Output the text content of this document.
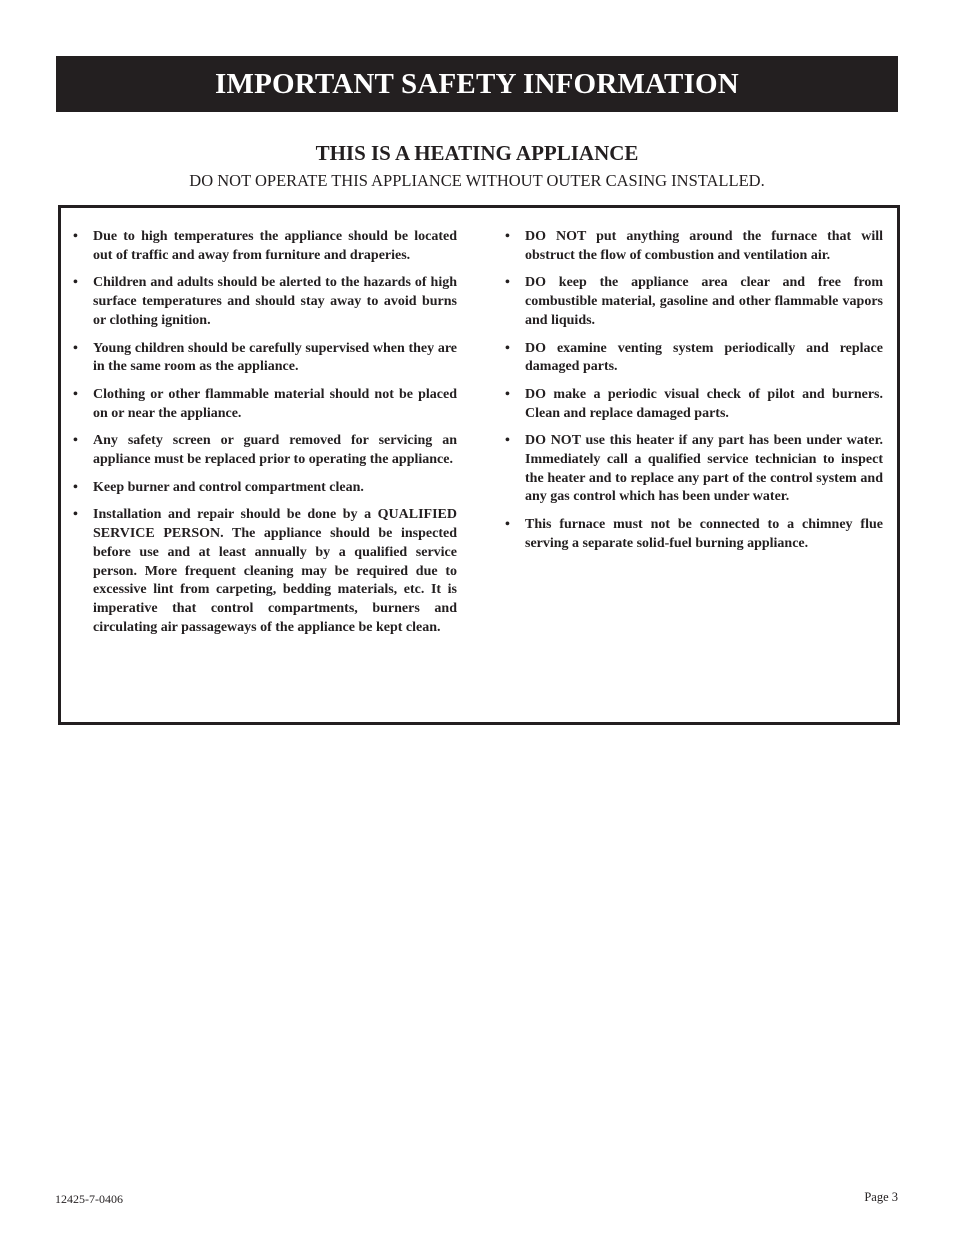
IMPORTANT SAFETY INFORMATION
THIS IS A HEATING APPLIANCE
DO NOT OPERATE THIS APPLIANCE WITHOUT OUTER CASING INSTALLED.
• Due to high temperatures the appliance should be located out of traffic and away from furniture and draperies.
• Children and adults should be alerted to the hazards of high surface temperatures and should stay away to avoid burns or clothing ignition.
• Young children should be carefully supervised when they are in the same room as the appliance.
• Clothing or other flammable material should not be placed on or near the appliance.
• Any safety screen or guard removed for servicing an appliance must be replaced prior to operating the appliance.
• Keep burner and control compartment clean.
• Installation and repair should be done by a QUALIFIED SERVICE PERSON. The appliance should be inspected before use and at least annually by a qualified service person. More frequent cleaning may be required due to excessive lint from carpeting, bedding materials, etc. It is imperative that control compartments, burners and circulating air passageways of the appliance be kept clean.
• DO NOT put anything around the furnace that will obstruct the flow of combustion and ventilation air.
• DO keep the appliance area clear and free from combustible material, gasoline and other flammable vapors and liquids.
• DO examine venting system periodically and replace damaged parts.
• DO make a periodic visual check of pilot and burners. Clean and replace damaged parts.
• DO NOT use this heater if any part has been under water. Immediately call a qualified service technician to inspect the heater and to replace any part of the control system and any gas control which has been under water.
• This furnace must not be connected to a chimney flue serving a separate solid-fuel burning appliance.
12425-7-0406	Page 3
